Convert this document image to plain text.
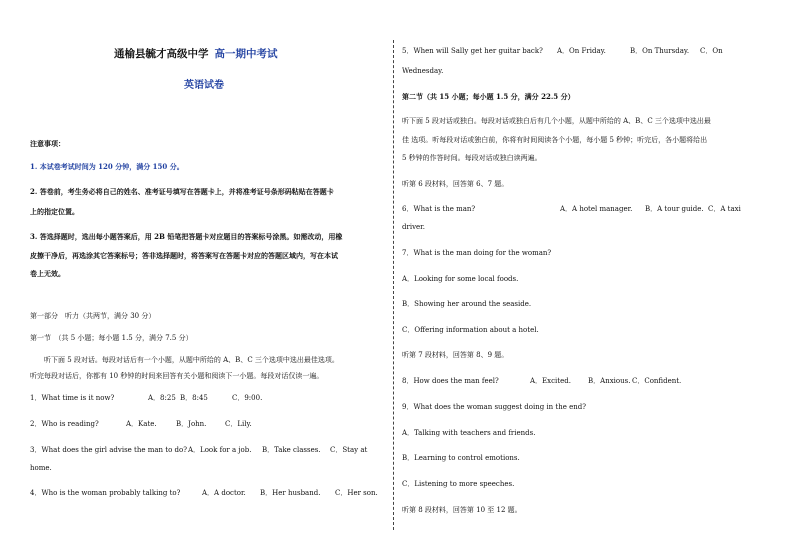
通榆县毓才高级中学 高一期中考试
英语试卷
注意事项：
1. 本试卷考试时间为 120 分钟，满分 150 分。
2. 答卷前，考生务必将自己的姓名、准考证号填写在答题卡上，并将准考证号条形码粘贴在答题卡
上的指定位置。
3. 答选择题时，选出每小题答案后，用 2B 铅笔把答题卡对应题目的答案标号涂黑。如需改动，用橡
皮擦干净后，再选涂其它答案标号；答非选择题时，将答案写在答题卡对应的答题区域内，写在本试
卷上无效。
第一部分　听力（共两节，满分 30 分）
第一节　（共 5 小题；每小题 1.5 分，满分 7.5 分）
听下面 5 段对话。每段对话后有一个小题，从题中所给的 A、B、C 三个选项中选出最佳选项。
听完每段对话后，你都有 10 秒钟的时间来回答有关小题和阅读下一小题。每段对话仅读一遍。
1．What time is it now?	A．8:25 B．8:45	C．9:00.
2．Who is reading?	A．Kate.	B．John.	C．Lily.
3．What does the girl advise the man to do? A．Look for a job. B．Take classes. C．Stay at
home.
4．Who is the woman probably talking to?	A．A doctor. B．Her husband. C．Her son.
5．When will Sally get her guitar back? A．On Friday.	B．On Thursday. C．On
Wednesday.
第二节（共 15 小题；每小题 1.5 分，满分 22.5 分）
听下面 5 段对话或独白。每段对话或独白后有几个小题，从题中所给的 A、B、C 三个选项中选出最
佳 选项。听每段对话或独白前，你将有时间阅读各个小题，每小题 5 秒钟；听完后，各小题将给出
5 秒钟的作答时间。每段对话或独白读两遍。
听第 6 段材料，回答第 6、7 题。
6．What is the man?	A．A hotel manager. B．A tour guide. C．A taxi
driver.
7．What is the man doing for the woman?
A．Looking for some local foods.
B．Showing her around the seaside.
C．Offering information about a hotel.
听第 7 段材料，回答第 8、9 题。
8．How does the man feel?	A．Excited. B．Anxious. C．Confident.
9．What does the woman suggest doing in the end?
A．Talking with teachers and friends.
B．Learning to control emotions.
C．Listening to more speeches.
听第 8 段材料，回答第 10 至 12 题。
